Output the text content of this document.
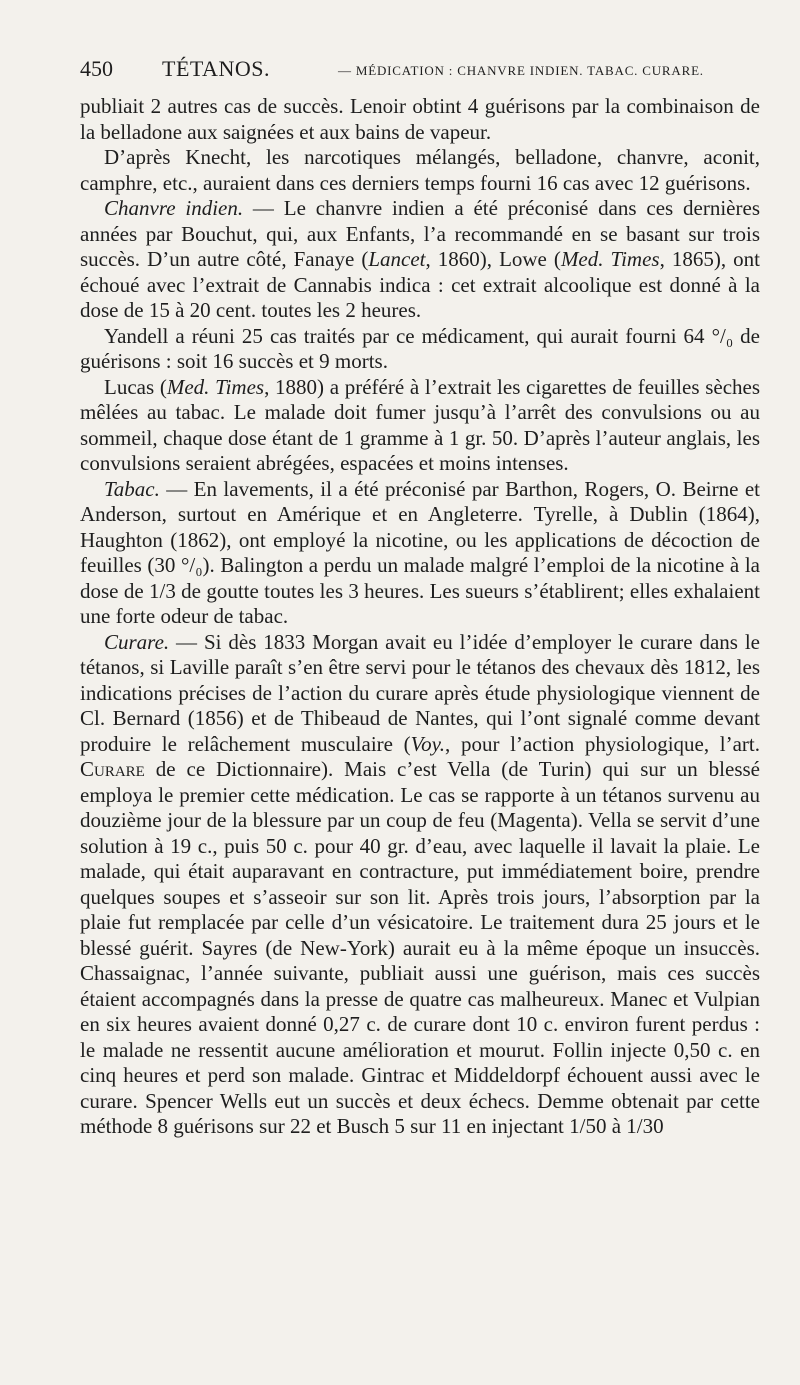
450 TÉTANOS.	— MÉDICATION : CHANVRE INDIEN. TABAC. CURARE.

publiait 2 autres cas de succès. Lenoir obtint 4 guérisons par la combinaison de la belladone aux saignées et aux bains de vapeur.

D’après Knecht, les narcotiques mélangés, belladone, chanvre, aconit, camphre, etc., auraient dans ces derniers temps fourni 16 cas avec 12 guérisons.

Chanvre indien. — Le chanvre indien a été préconisé dans ces dernières années par Bouchut, qui, aux Enfants, l’a recommandé en se basant sur trois succès. D’un autre côté, Fanaye (Lancet, 1860), Lowe (Med. Times, 1865), ont échoué avec l’extrait de Cannabis indica : cet extrait alcoolique est donné à la dose de 15 à 20 cent. toutes les 2 heures.

Yandell a réuni 25 cas traités par ce médicament, qui aurait fourni 64 °/₀ de guérisons : soit 16 succès et 9 morts.

Lucas (Med. Times, 1880) a préféré à l’extrait les cigarettes de feuilles sèches mêlées au tabac. Le malade doit fumer jusqu’à l’arrêt des convulsions ou au sommeil, chaque dose étant de 1 gramme à 1 gr. 50. D’après l’auteur anglais, les convulsions seraient abrégées, espacées et moins intenses.

Tabac. — En lavements, il a été préconisé par Barthon, Rogers, O. Beirne et Anderson, surtout en Amérique et en Angleterre. Tyrelle, à Dublin (1864), Haughton (1862), ont employé la nicotine, ou les applications de décoction de feuilles (30 °/₀). Balington a perdu un malade malgré l’emploi de la nicotine à la dose de 1/3 de goutte toutes les 3 heures. Les sueurs s’établirent; elles exhalaient une forte odeur de tabac.

Curare. — Si dès 1833 Morgan avait eu l’idée d’employer le curare dans le tétanos, si Laville paraît s’en être servi pour le tétanos des chevaux dès 1812, les indications précises de l’action du curare après étude physiologique viennent de Cl. Bernard (1856) et de Thibeaud de Nantes, qui l’ont signalé comme devant produire le relâchement musculaire (Voy., pour l’action physiologique, l’art. Curare de ce Dictionnaire). Mais c’est Vella (de Turin) qui sur un blessé employa le premier cette médication. Le cas se rapporte à un tétanos survenu au douzième jour de la blessure par un coup de feu (Magenta). Vella se servit d’une solution à 19 c., puis 50 c. pour 40 gr. d’eau, avec laquelle il lavait la plaie. Le malade, qui était auparavant en contracture, put immédiatement boire, prendre quelques soupes et s’asseoir sur son lit. Après trois jours, l’absorption par la plaie fut remplacée par celle d’un vésicatoire. Le traitement dura 25 jours et le blessé guérit. Sayres (de New-York) aurait eu à la même époque un insuccès. Chassaignac, l’année suivante, publiait aussi une guérison, mais ces succès étaient accompagnés dans la presse de quatre cas malheureux. Manec et Vulpian en six heures avaient donné 0,27 c. de curare dont 10 c. environ furent perdus : le malade ne ressentit aucune amélioration et mourut. Follin injecte 0,50 c. en cinq heures et perd son malade. Gintrac et Middeldorpf échouent aussi avec le curare. Spencer Wells eut un succès et deux échecs. Demme obtenait par cette méthode 8 guérisons sur 22 et Busch 5 sur 11 en injectant 1/50 à 1/30
